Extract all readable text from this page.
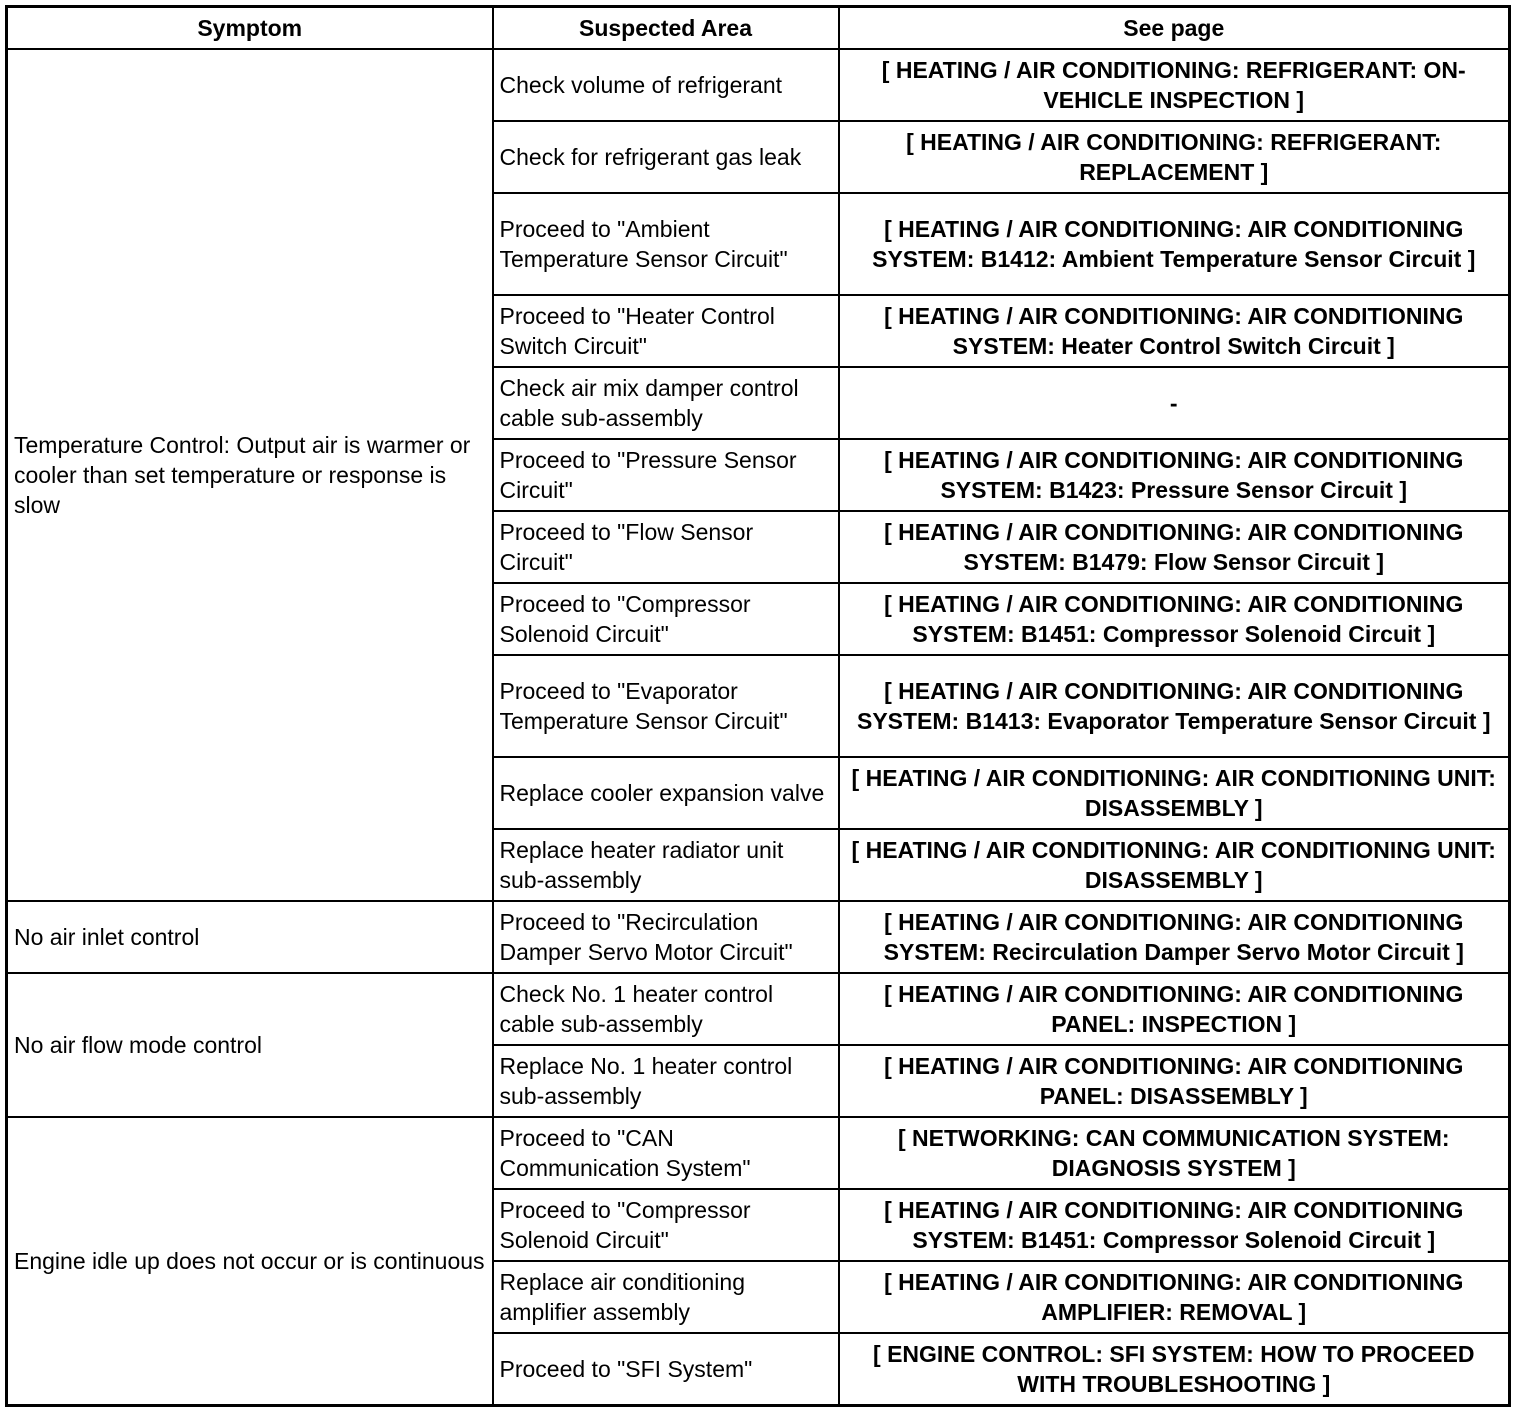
Symptom	Suspected Area	See page
Temperature Control: Output air is warmer or cooler than set temperature or response is slow	Check volume of refrigerant	[ HEATING / AIR CONDITIONING: REFRIGERANT: ON-VEHICLE INSPECTION ]
	Check for refrigerant gas leak	[ HEATING / AIR CONDITIONING: REFRIGERANT: REPLACEMENT ]
	Proceed to "Ambient Temperature Sensor Circuit"	[ HEATING / AIR CONDITIONING: AIR CONDITIONING SYSTEM: B1412: Ambient Temperature Sensor Circuit ]
	Proceed to "Heater Control Switch Circuit"	[ HEATING / AIR CONDITIONING: AIR CONDITIONING SYSTEM: Heater Control Switch Circuit ]
	Check air mix damper control cable sub-assembly	-
	Proceed to "Pressure Sensor Circuit"	[ HEATING / AIR CONDITIONING: AIR CONDITIONING SYSTEM: B1423: Pressure Sensor Circuit ]
	Proceed to "Flow Sensor Circuit"	[ HEATING / AIR CONDITIONING: AIR CONDITIONING SYSTEM: B1479: Flow Sensor Circuit ]
	Proceed to "Compressor Solenoid Circuit"	[ HEATING / AIR CONDITIONING: AIR CONDITIONING SYSTEM: B1451: Compressor Solenoid Circuit ]
	Proceed to "Evaporator Temperature Sensor Circuit"	[ HEATING / AIR CONDITIONING: AIR CONDITIONING SYSTEM: B1413: Evaporator Temperature Sensor Circuit ]
	Replace cooler expansion valve	[ HEATING / AIR CONDITIONING: AIR CONDITIONING UNIT: DISASSEMBLY ]
	Replace heater radiator unit sub-assembly	[ HEATING / AIR CONDITIONING: AIR CONDITIONING UNIT: DISASSEMBLY ]
No air inlet control	Proceed to "Recirculation Damper Servo Motor Circuit"	[ HEATING / AIR CONDITIONING: AIR CONDITIONING SYSTEM: Recirculation Damper Servo Motor Circuit ]
No air flow mode control	Check No. 1 heater control cable sub-assembly	[ HEATING / AIR CONDITIONING: AIR CONDITIONING PANEL: INSPECTION ]
	Replace No. 1 heater control sub-assembly	[ HEATING / AIR CONDITIONING: AIR CONDITIONING PANEL: DISASSEMBLY ]
Engine idle up does not occur or is continuous	Proceed to "CAN Communication System"	[ NETWORKING: CAN COMMUNICATION SYSTEM: DIAGNOSIS SYSTEM ]
	Proceed to "Compressor Solenoid Circuit"	[ HEATING / AIR CONDITIONING: AIR CONDITIONING SYSTEM: B1451: Compressor Solenoid Circuit ]
	Replace air conditioning amplifier assembly	[ HEATING / AIR CONDITIONING: AIR CONDITIONING AMPLIFIER: REMOVAL ]
	Proceed to "SFI System"	[ ENGINE CONTROL: SFI SYSTEM: HOW TO PROCEED WITH TROUBLESHOOTING ]
